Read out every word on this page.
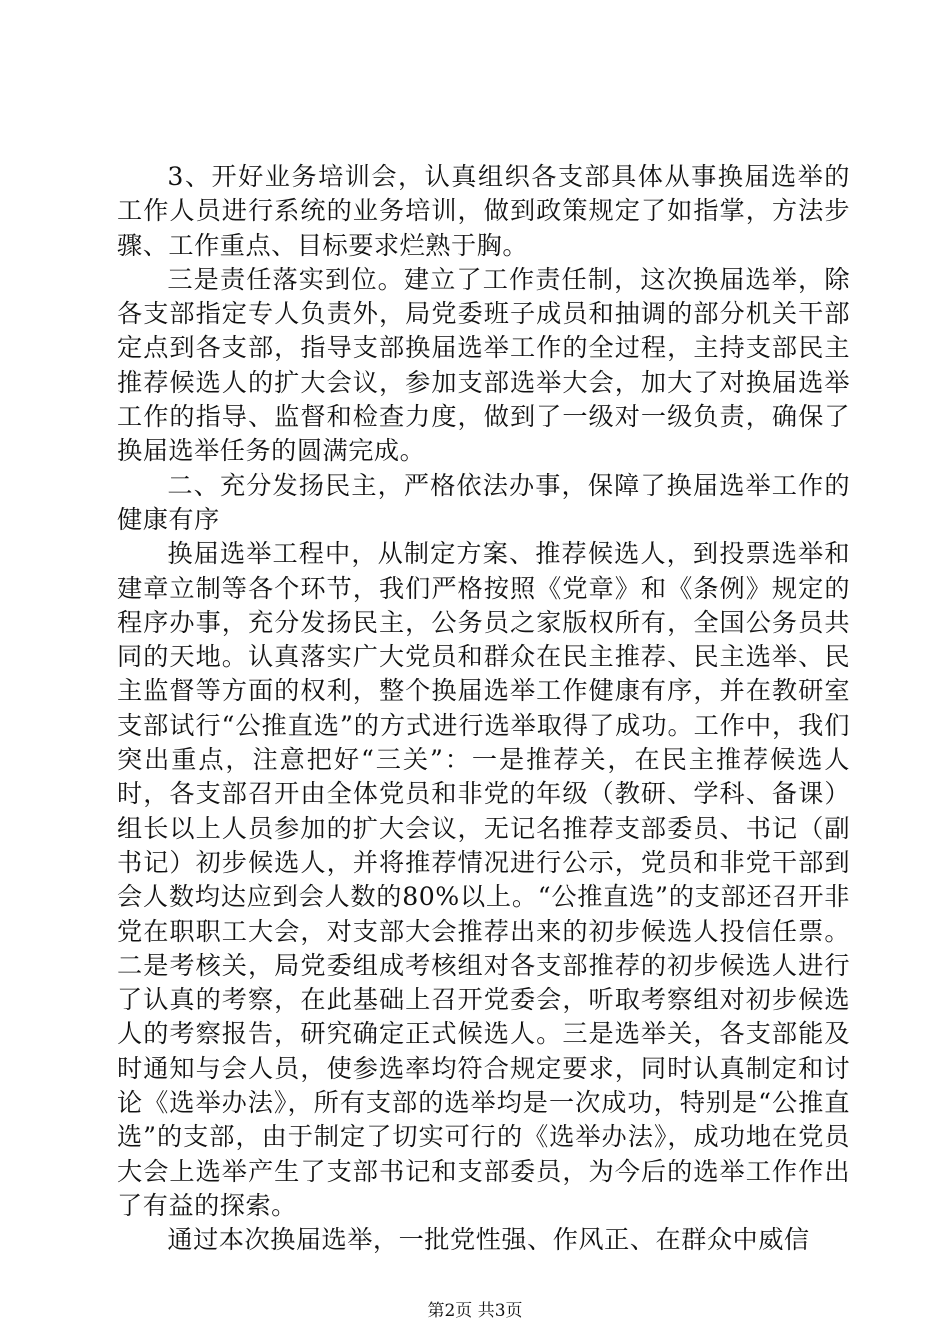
3、开好业务培训会，认真组织各支部具体从事换届选举的工作人员进行系统的业务培训，做到政策规定了如指掌，方法步骤、工作重点、目标要求烂熟于胸。

三是责任落实到位。建立了工作责任制，这次换届选举，除各支部指定专人负责外，局党委班子成员和抽调的部分机关干部定点到各支部，指导支部换届选举工作的全过程，主持支部民主推荐候选人的扩大会议，参加支部选举大会，加大了对换届选举工作的指导、监督和检查力度，做到了一级对一级负责，确保了换届选举任务的圆满完成。

二、充分发扬民主，严格依法办事，保障了换届选举工作的健康有序

换届选举工程中，从制定方案、推荐候选人，到投票选举和建章立制等各个环节，我们严格按照《党章》和《条例》规定的程序办事，充分发扬民主，公务员之家版权所有，全国公务员共同的天地。认真落实广大党员和群众在民主推荐、民主选举、民主监督等方面的权利，整个换届选举工作健康有序，并在教研室支部试行“公推直选”的方式进行选举取得了成功。工作中，我们突出重点，注意把好“三关”：一是推荐关，在民主推荐候选人时，各支部召开由全体党员和非党的年级（教研、学科、备课）组长以上人员参加的扩大会议，无记名推荐支部委员、书记（副书记）初步候选人，并将推荐情况进行公示，党员和非党干部到会人数均达应到会人数的80%以上。“公推直选”的支部还召开非党在职职工大会，对支部大会推荐出来的初步候选人投信任票。二是考核关，局党委组成考核组对各支部推荐的初步候选人进行了认真的考察，在此基础上召开党委会，听取考察组对初步候选人的考察报告，研究确定正式候选人。三是选举关，各支部能及时通知与会人员，使参选率均符合规定要求，同时认真制定和讨论《选举办法》，所有支部的选举均是一次成功，特别是“公推直选”的支部，由于制定了切实可行的《选举办法》，成功地在党员大会上选举产生了支部书记和支部委员，为今后的选举工作作出了有益的探索。

通过本次换届选举，一批党性强、作风正、在群众中威信

第2页 共3页
